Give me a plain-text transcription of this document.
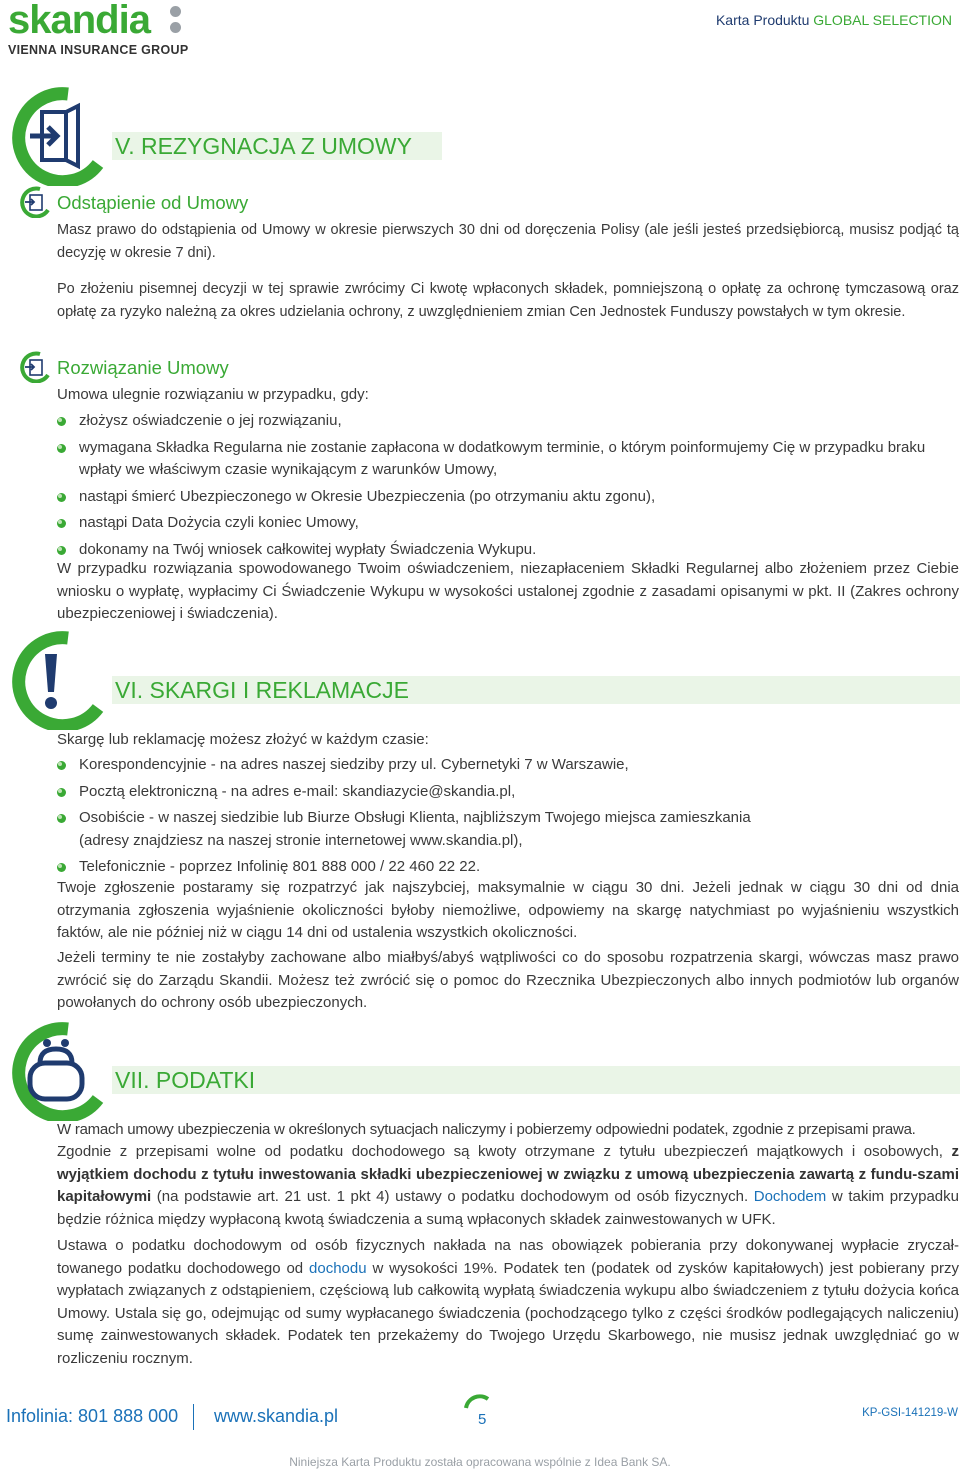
skandia
VIENNA INSURANCE GROUP
Karta Produktu GLOBAL SELECTION
V. REZYGNACJA Z UMOWY
Odstąpienie od Umowy
Masz prawo do odstąpienia od Umowy w okresie pierwszych 30 dni od doręczenia Polisy (ale jeśli jesteś przedsiębiorcą, musisz podjąć tą decyzję w okresie 7 dni).
Po złożeniu pisemnej decyzji w tej sprawie zwrócimy Ci kwotę wpłaconych składek, pomniejszoną o opłatę za ochronę tymczasową oraz opłatę za ryzyko należną za okres udzielania ochrony, z uwzględnieniem zmian Cen Jednostek Funduszy powstałych w tym okresie.
Rozwiązanie Umowy
Umowa ulegnie rozwiązaniu w przypadku, gdy:
złożysz oświadczenie o jej rozwiązaniu,
wymagana Składka Regularna nie zostanie zapłacona w dodatkowym terminie, o którym poinformujemy Cię w przypadku braku wpłaty we właściwym czasie wynikającym z warunków Umowy,
nastąpi śmierć Ubezpieczonego w Okresie Ubezpieczenia (po otrzymaniu aktu zgonu),
nastąpi Data Dożycia czyli koniec Umowy,
dokonamy na Twój wniosek całkowitej wypłaty Świadczenia Wykupu.
W przypadku rozwiązania spowodowanego Twoim oświadczeniem, niezapłaceniem Składki Regularnej albo złożeniem przez Ciebie wniosku o wypłatę, wypłacimy Ci Świadczenie Wykupu w wysokości ustalonej zgodnie z zasadami opisanymi w pkt. II (Zakres ochrony ubezpieczeniowej i świadczenia).
VI. SKARGI I REKLAMACJE
Skargę lub reklamację możesz złożyć w każdym czasie:
Korespondencyjnie - na adres naszej siedziby przy ul. Cybernetyki 7 w Warszawie,
Pocztą elektroniczną - na adres e-mail: skandiazycie@skandia.pl,
Osobiście - w naszej siedzibie lub Biurze Obsługi Klienta, najbliższym Twojego miejsca zamieszkania (adresy znajdziesz na naszej stronie internetowej www.skandia.pl),
Telefonicznie - poprzez Infolinię 801 888 000 / 22 460 22 22.
Twoje zgłoszenie postaramy się rozpatrzyć jak najszybciej, maksymalnie w ciągu 30 dni. Jeżeli jednak w ciągu 30 dni od dnia otrzymania zgłoszenia wyjaśnienie okoliczności byłoby niemożliwe, odpowiemy na skargę natychmiast po wyjaśnieniu wszystkich faktów, ale nie później niż w ciągu 14 dni od ustalenia wszystkich okoliczności.
Jeżeli terminy te nie zostałyby zachowane albo miałbyś/abyś wątpliwości co do sposobu rozpatrzenia skargi, wówczas masz prawo zwrócić się do Zarządu Skandii. Możesz też zwrócić się o pomoc do Rzecznika Ubezpieczonych albo innych podmiotów lub organów powołanych do ochrony osób ubezpieczonych.
VII. PODATKI
W ramach umowy ubezpieczenia w określonych sytuacjach naliczymy i pobierzemy odpowiedni podatek, zgodnie z przepisami prawa.
Zgodnie z przepisami wolne od podatku dochodowego są kwoty otrzymane z tytułu ubezpieczeń majątkowych i osobowych, z wyjątkiem dochodu z tytułu inwestowania składki ubezpieczeniowej w związku z umową ubezpieczenia zawartą z fundu-szami kapitałowymi (na podstawie art. 21 ust. 1 pkt 4) ustawy o podatku dochodowym od osób fizycznych. Dochodem w takim przypadku będzie różnica między wypłaconą kwotą świadczenia a sumą wpłaconych składek zainwestowanych w UFK.
Ustawa o podatku dochodowym od osób fizycznych nakłada na nas obowiązek pobierania przy dokonywanej wypłacie zryczał-towanego podatku dochodowego od dochodu w wysokości 19%. Podatek ten (podatek od zysków kapitałowych) jest pobierany przy wypłatach związanych z odstąpieniem, częściową lub całkowitą wypłatą świadczenia wykupu albo świadczeniem z tytułu dożycia końca Umowy. Ustala się go, odejmując od sumy wypłacanego świadczenia (pochodzącego tylko z części środków podlegających naliczeniu) sumę zainwestowanych składek. Podatek ten przekażemy do Twojego Urzędu Skarbowego, nie musisz jednak uwzględniać go w rozliczeniu rocznym.
Infolinia: 801 888 000 www.skandia.pl	5	KP-GSI-141219-W
Niniejsza Karta Produktu została opracowana wspólnie z Idea Bank SA.
